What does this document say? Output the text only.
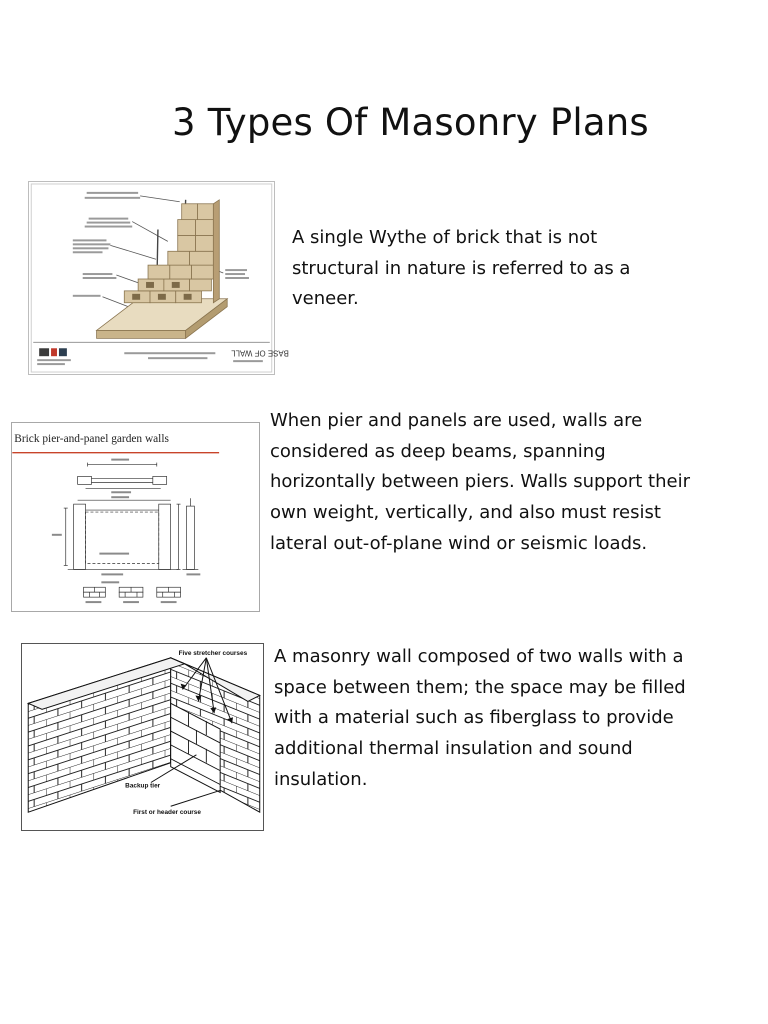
3 Types Of Masonry Plans
BASE OF WALL

A single Wythe of brick that is not structural in nature is referred to as a veneer.

Brick pier-and-panel garden walls

When pier and panels are used, walls are considered as deep beams, spanning horizontally between piers. Walls support their own weight, vertically, and also must resist lateral out-of-plane wind or seismic loads.

Five stretcher courses
Backup tier
First or header course

A masonry wall composed of two walls with a space between them; the space may be filled with a material such as fiberglass to provide additional thermal insulation and sound insulation.
